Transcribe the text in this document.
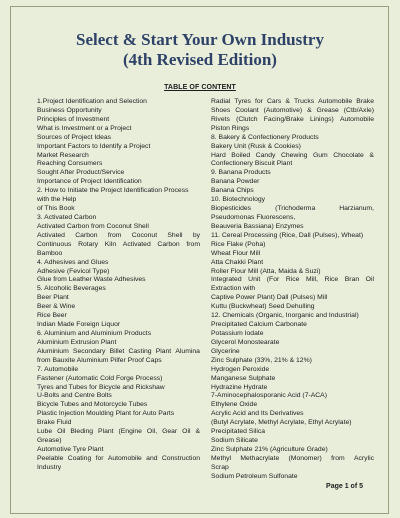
Select & Start Your Own Industry
(4th Revised Edition)
TABLE OF CONTENT
1.Project Identification and Selection
Business Opportunity
Principles of Investment
What is Investment or a Project
Sources of Project Ideas
Important Factors to Identify a Project
Market Research
Reaching Consumers
Sought After Product/Service
Importance of Project Identification
2. How to Initiate the Project Identification Process
with the Help
of This Book
3. Activated Carbon
Activated Carbon from Coconut Shell
Activated Carbon from Coconut Shell by
Continuous Rotary Kiln Activated Carbon from
Bamboo
4. Adhesives and Glues
Adhesive (Fevicol Type)
Glue from Leather Waste Adhesives
5. Alcoholic Beverages
Beer Plant
Beer & Wine
Rice Beer
Indian Made Foreign Liquor
6. Aluminium and Aluminium Products
Aluminium Extrusion Plant
Aluminium Secondary Billet Casting Plant Alumina
from Bauxite Aluminium Pilfer Proof Caps
7. Automobile
Fastener (Automatic Cold Forge Process)
Tyres and Tubes for Bicycle and Rickshaw
U-Bolts and Centre Bolts
Bicycle Tubes and Motorcycle Tubes
Plastic Injection Moulding Plant for Auto Parts
Brake Fluid
Lube Oil Bleding Plant (Engine Oil, Gear Oil &
Grease)
Automotive Tyre Plant
Peelable Coating for Automobile and Construction
Industry
Radial Tyres for Cars & Trucks Automobile Brake
Shoes Coolant (Automotive) & Grease (Ctb/Axle)
Rivets (Clutch Facing/Brake Linings) Automobile
Piston Rings
8. Bakery & Confectionery Products
Bakery Unit (Rusk & Cookies)
Hard Boiled Candy Chewing Gum Chocolate &
Confectionery Biscuit Plant
9. Banana Products
Banana Powder
Banana Chips
10. Biotechnology
Biopesticides	(Trichoderma	Harzianum,
Pseudomonas Fluorescens,
Beauveria Bassiana) Enzymes
11. Cereal Processing (Rice, Dall (Pulses), Wheat)
Rice Flake (Poha)
Wheat Flour Mill
Atta Chakki Plant
Roller Flour Mill (Atta, Maida & Suzi)
Integrated Unit (For Rice Mill, Rice Bran Oil
Extraction with
Captive Power Plant) Dall (Pulses) Mill
Kuttu (Buckwheat) Seed Dehulling
12. Chemicals (Organic, Inorganic and Industrial)
Precipitated Calcium Carbonate
Potassium Iodate
Glycerol Monostearate
Glycerine
Zinc Sulphate (33%, 21% & 12%)
Hydrogen Peroxide
Manganese Sulphate
Hydrazine Hydrate
7-Aminocephalosporanic Acid (7-ACA)
Ethylene Oxide
Acrylic Acid and Its Derivatives
(Butyl Acrylate, Methyl Acrylate, Ethyl Acrylate)
Precipitated Silica
Sodium Silicate
Zinc Sulphate 21% (Agriculture Grade)
Methyl Methacrylate (Monomer) from Acrylic
Scrap
Sodium Petroleum Sulfonate
Page 1 of 5
